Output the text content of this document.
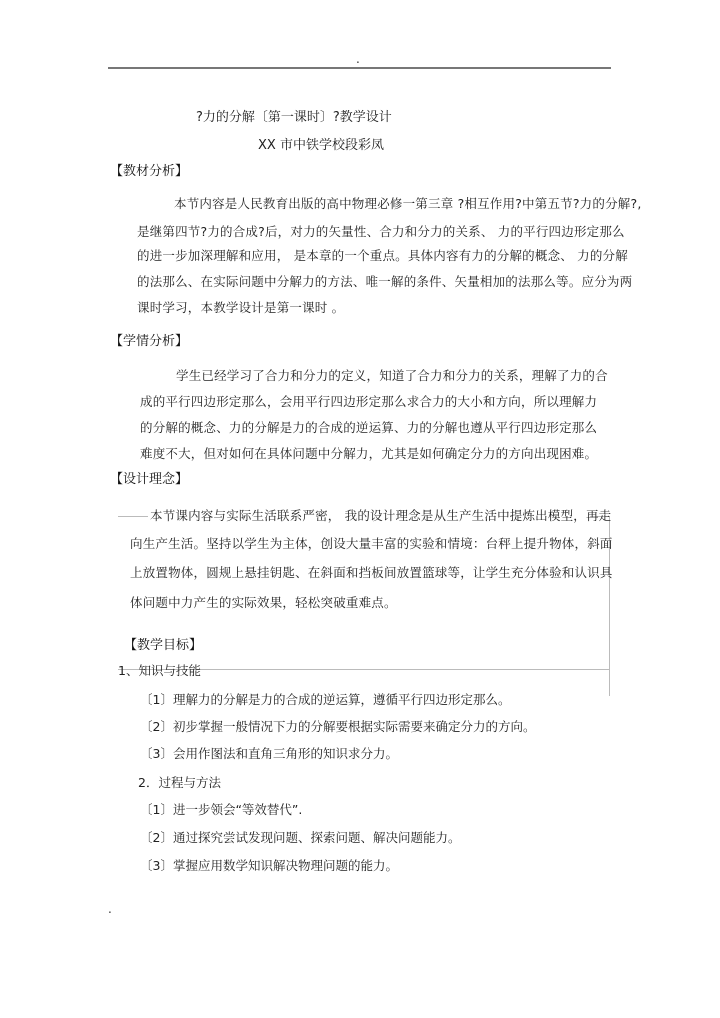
.
.
?力的分解〔第一课时〕?教学设计
XX 市中铁学校段彩凤
【教材分析】
本节内容是人民教育出版的高中物理必修一第三章 ?相互作用?中第五节?力的分解?,
是继第四节?力的合成?后，对力的矢量性、合力和分力的关系、 力的平行四边形定那么
的进一步加深理解和应用， 是本章的一个重点。具体内容有力的分解的概念、 力的分解
的法那么、在实际问题中分解力的方法、唯一解的条件、矢量相加的法那么等。应分为两
课时学习，本教学设计是第一课时 。
【学情分析】
学生已经学习了合力和分力的定义，知道了合力和分力的关系，理解了力的合
成的平行四边形定那么，会用平行四边形定那么求合力的大小和方向，所以理解力
的分解的概念、力的分解是力的合成的逆运算、力的分解也遵从平行四边形定那么
难度不大，但对如何在具体问题中分解力，尤其是如何确定分力的方向出现困难。
【设计理念】
本节课内容与实际生活联系严密， 我的设计理念是从生产生活中提炼出模型，再走
向生产生活。坚持以学生为主体，创设大量丰富的实验和情境：台秤上提升物体，斜面
上放置物体，圆规上悬挂钥匙、在斜面和挡板间放置篮球等，让学生充分体验和认识具
体问题中力产生的实际效果，轻松突破重难点。
【教学目标】
1、知识与技能
〔1〕理解力的分解是力的合成的逆运算，遵循平行四边形定那么。
〔2〕初步掌握一般情况下力的分解要根据实际需要来确定分力的方向。
〔3〕会用作图法和直角三角形的知识求分力。
2．过程与方法
〔1〕进一步领会“等效替代”.
〔2〕通过探究尝试发现问题、探索问题、解决问题能力。
〔3〕掌握应用数学知识解决物理问题的能力。
